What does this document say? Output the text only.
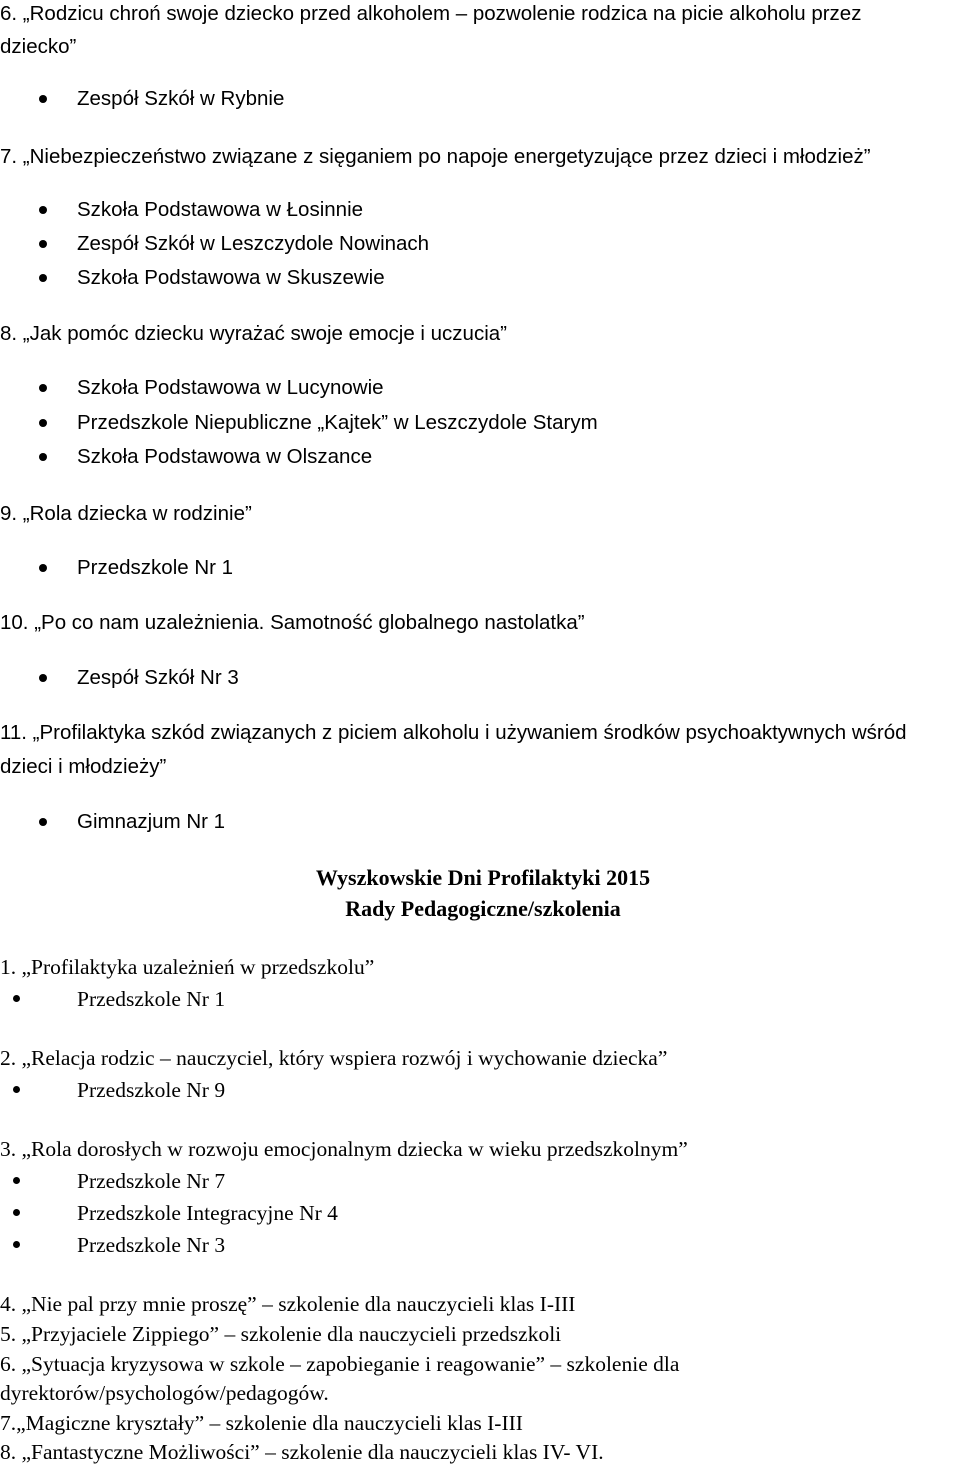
6. „Rodzicu chroń swoje dziecko przed alkoholem – pozwolenie rodzica na picie alkoholu przez
dziecko”
Zespół Szkół w Rybnie
7. „Niebezpieczeństwo związane z sięganiem po napoje energetyzujące przez dzieci i młodzież”
Szkoła Podstawowa w Łosinnie
Zespół Szkół w Leszczydole Nowinach
Szkoła Podstawowa w Skuszewie
8. „Jak pomóc dziecku wyrażać swoje emocje i uczucia”
Szkoła Podstawowa w Lucynowie
Przedszkole Niepubliczne „Kajtek” w Leszczydole Starym
Szkoła Podstawowa w Olszance
9. „Rola dziecka w rodzinie”
Przedszkole Nr 1
10. „Po co nam uzależnienia. Samotność globalnego nastolatka”
Zespół Szkół Nr 3
11. „Profilaktyka szkód związanych z piciem alkoholu i używaniem środków psychoaktywnych wśród
dzieci i młodzieży”
Gimnazjum Nr 1
Wyszkowskie Dni Profilaktyki 2015
Rady Pedagogiczne/szkolenia
1. „Profilaktyka uzależnień w przedszkolu”
Przedszkole Nr 1
2. „Relacja rodzic – nauczyciel, który wspiera rozwój i wychowanie dziecka”
Przedszkole Nr 9
3. „Rola dorosłych w rozwoju emocjonalnym dziecka w wieku przedszkolnym”
Przedszkole Nr 7
Przedszkole Integracyjne Nr 4
Przedszkole Nr 3
4. „Nie pal przy mnie proszę” – szkolenie dla nauczycieli klas I-III
5. „Przyjaciele Zippiego” – szkolenie dla nauczycieli przedszkoli
6. „Sytuacja kryzysowa w szkole – zapobieganie i reagowanie” – szkolenie dla
dyrektorów/psychologów/pedagogów.
7.„Magiczne kryształy” – szkolenie dla nauczycieli klas I-III
8. „Fantastyczne Możliwości” – szkolenie dla nauczycieli klas IV- VI.
